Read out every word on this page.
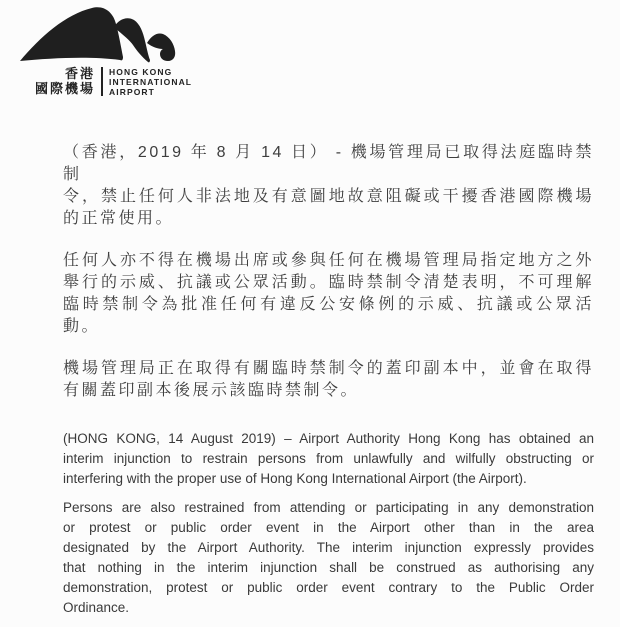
香港
國際機場
HONG KONG
INTERNATIONAL
AIRPORT
（香港，2019 年 8 月 14 日） - 機場管理局已取得法庭臨時禁制
令，禁止任何人非法地及有意圖地故意阻礙或干擾香港國際機場
的正常使用。
任何人亦不得在機場出席或參與任何在機場管理局指定地方之外
舉行的示威、抗議或公眾活動。臨時禁制令清楚表明，不可理解
臨時禁制令為批准任何有違反公安條例的示威、抗議或公眾活動。
機場管理局正在取得有關臨時禁制令的蓋印副本中，並會在取得
有關蓋印副本後展示該臨時禁制令。
(HONG KONG, 14 August 2019) – Airport Authority Hong Kong has obtained an
interim injunction to restrain persons from unlawfully and wilfully obstructing or
interfering with the proper use of Hong Kong International Airport (the Airport).
Persons are also restrained from attending or participating in any demonstration
or protest or public order event in the Airport other than in the area
designated by the Airport Authority. The interim injunction expressly provides
that nothing in the interim injunction shall be construed as authorising any
demonstration, protest or public order event contrary to the Public Order
Ordinance.
